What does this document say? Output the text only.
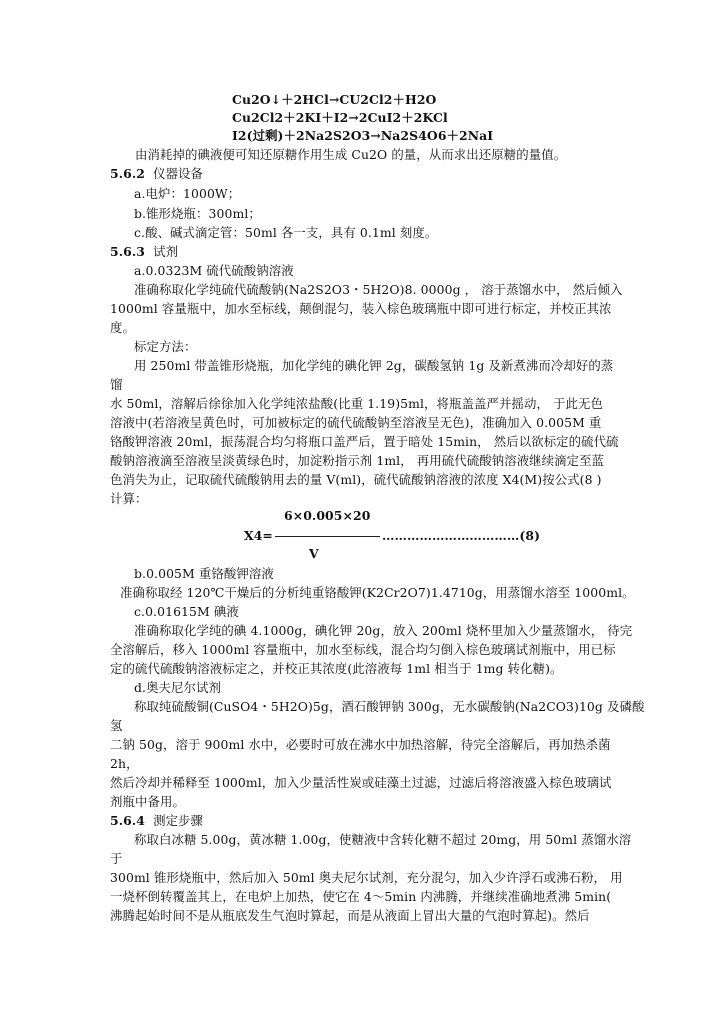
Cu2O↓＋2HCl→CU2Cl2＋H2O
Cu2Cl2＋2KI＋I2→2CuI2＋2KCl
I2(过剩)＋2Na2S2O3→Na2S4O6＋2NaI
由消耗掉的碘液便可知还原糖作用生成 Cu2O 的量，从而求出还原糖的量值。
5.6.2 仪器设备
a.电炉：1000W；
b.锥形烧瓶：300ml；
c.酸、碱式滴定管：50ml 各一支，具有 0.1ml 刻度。
5.6.3 试剂
a.0.0323M 硫代硫酸钠溶液
准确称取化学纯硫代硫酸钠(Na2S2O3・5H2O)8. 0000g ， 溶于蒸馏水中， 然后倾入
1000ml 容量瓶中，加水至标线，颠倒混匀，装入棕色玻璃瓶中即可进行标定，并校正其浓
度。
标定方法：
用 250ml 带盖锥形烧瓶，加化学纯的碘化钾 2g，碳酸氢钠 1g 及新煮沸而冷却好的蒸
馏
水 50ml，溶解后徐徐加入化学纯浓盐酸(比重 1.19)5ml，将瓶盖盖严并摇动， 于此无色
溶液中(若溶液呈黄色时，可加被标定的硫代硫酸钠至溶液呈无色)，准确加入 0.005M 重
铬酸钾溶液 20ml，振荡混合均匀将瓶口盖严后，置于暗处 15min， 然后以欲标定的硫代硫
酸钠溶液滴至溶液呈淡黄绿色时，加淀粉指示剂 1ml， 再用硫代硫酸钠溶液继续滴定至蓝
色消失为止，记取硫代硫酸钠用去的量 V(ml)，硫代硫酸钠溶液的浓度 X4(M)按公式(8 )
计算：
6×0.005×20
X4=	……………………………(8)
V
b.0.005M 重铬酸钾溶液
准确称取经 120℃干燥后的分析纯重铬酸钾(K2Cr2O7)1.4710g，用蒸馏水溶至 1000ml。
c.0.01615M 碘液
准确称取化学纯的碘 4.1000g，碘化钾 20g，放入 200ml 烧杯里加入少量蒸馏水， 待完
全溶解后，移入 1000ml 容量瓶中，加水至标线，混合均匀倒入棕色玻璃试剂瓶中，用已标
定的硫代硫酸钠溶液标定之，并校正其浓度(此溶液每 1ml 相当于 1mg 转化糖)。
d.奥夫尼尔试剂
称取纯硫酸铜(CuSO4・5H2O)5g，酒石酸钾钠 300g，无水碳酸钠(Na2CO3)10g 及磷酸
氢
二钠 50g，溶于 900ml 水中，必要时可放在沸水中加热溶解，待完全溶解后，再加热杀菌
2h，
然后冷却并稀释至 1000ml，加入少量活性炭或硅藻土过滤，过滤后将溶液盛入棕色玻璃试
剂瓶中备用。
5.6.4 测定步骤
称取白冰糖 5.00g，黄冰糖 1.00g，使糖液中含转化糖不超过 20mg，用 50ml 蒸馏水溶
于
300ml 锥形烧瓶中，然后加入 50ml 奥夫尼尔试剂，充分混匀，加入少许浮石或沸石粉， 用
一烧杯倒转覆盖其上，在电炉上加热，使它在 4～5min 内沸腾，并继续准确地煮沸 5min(
沸腾起始时间不是从瓶底发生气泡时算起，而是从液面上冒出大量的气泡时算起)。然后
